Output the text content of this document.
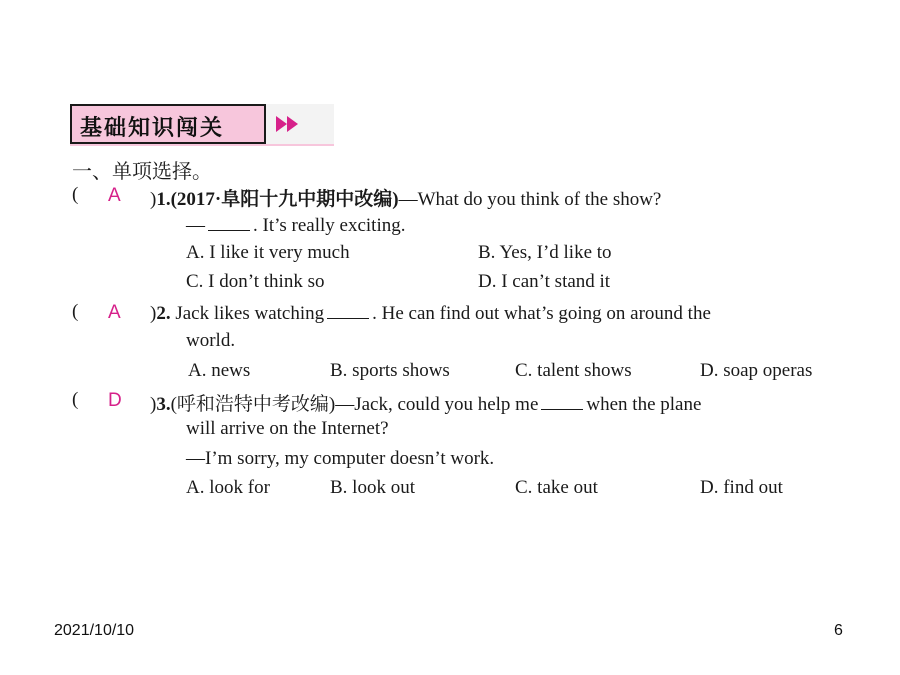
基础知识闯关
一、单项选择。
( A )1.(2017·阜阳十九中期中改编)—What do you think of the show?
—	. It’s really exciting.
A. I like it very much	B. Yes, I’d like to
C. I don’t think so	D. I can’t stand it
( A )2. Jack likes watching	. He can find out what’s going on around the
world.
A. news	B. sports shows	C. talent shows	D. soap operas
( D )3.(呼和浩特中考改编)—Jack, could you help me	when the plane
will arrive on the Internet?
—I’m sorry, my computer doesn’t work.
A. look for	B. look out	C. take out	D. find out
2021/10/10	6
